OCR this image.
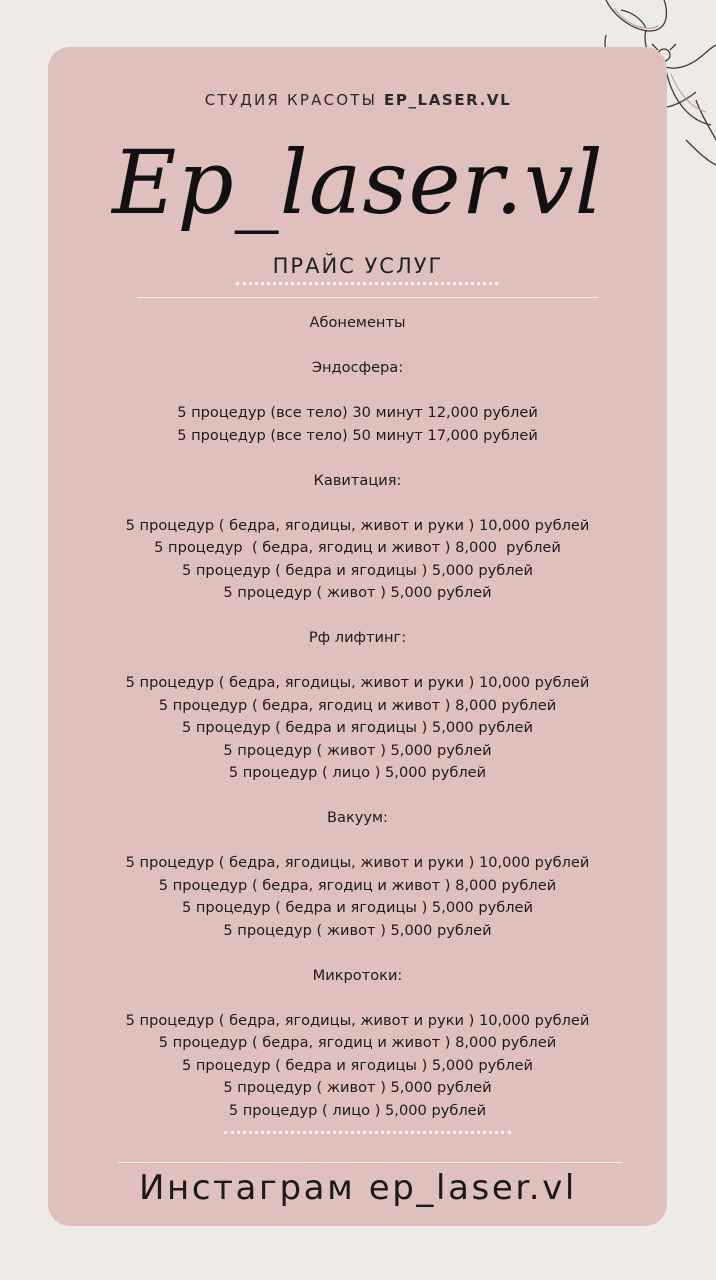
СТУДИЯ КРАСОТЫ EP_LASER.VL
Ep_laser.vl
ПРАЙС УСЛУГ
Абонементы
Эндосфера:
5 процедур (все тело) 30 минут 12,000 рублей
5 процедур (все тело) 50 минут 17,000 рублей
Кавитация:
5 процедур ( бедра, ягодицы, живот и руки ) 10,000 рублей
5 процедур  ( бедра, ягодиц и живот ) 8,000  рублей
5 процедур ( бедра и ягодицы ) 5,000 рублей
5 процедур ( живот ) 5,000 рублей
Рф лифтинг:
5 процедур ( бедра, ягодицы, живот и руки ) 10,000 рублей
5 процедур ( бедра, ягодиц и живот ) 8,000 рублей
5 процедур ( бедра и ягодицы ) 5,000 рублей
5 процедур ( живот ) 5,000 рублей
5 процедур ( лицо ) 5,000 рублей
Вакуум:
5 процедур ( бедра, ягодицы, живот и руки ) 10,000 рублей
5 процедур ( бедра, ягодиц и живот ) 8,000 рублей
5 процедур ( бедра и ягодицы ) 5,000 рублей
5 процедур ( живот ) 5,000 рублей
Микротоки:
5 процедур ( бедра, ягодицы, живот и руки ) 10,000 рублей
5 процедур ( бедра, ягодиц и живот ) 8,000 рублей
5 процедур ( бедра и ягодицы ) 5,000 рублей
5 процедур ( живот ) 5,000 рублей
5 процедур ( лицо ) 5,000 рублей
Инстаграм ep_laser.vl
